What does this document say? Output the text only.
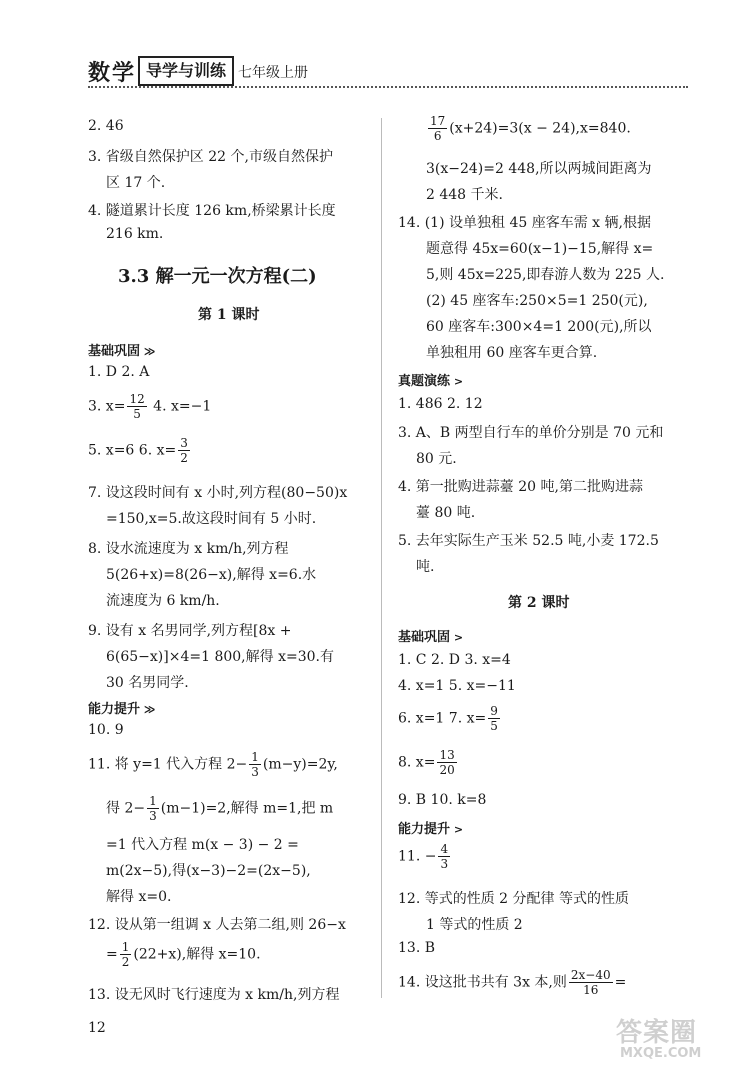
数学 导学与训练 七年级上册
2. 46
3. 省级自然保护区 22 个,市级自然保护
区 17 个.
4. 隧道累计长度 126 km,桥梁累计长度
216 km.
3.3 解一元一次方程(二)
第 1 课时
基础巩固 ≫
1. D 2. A
3. $x= \frac{12}{5} 4$. x=−1
5. x=6 6. $x= \frac{3}{2}$
7. 设这段时间有 x 小时,列方程(80−50)x
=150,x=5.故这段时间有 5 小时.
8. 设水流速度为 x km/h,列方程
5(26+x)=8(26−x),解得 x=6.水
流速度为 6 km/h.
9. 设有 x 名男同学,列方程[8x +
6(65−x)]×4=1 800,解得 x=30.有
30 名男同学.
能力提升 ≫
10. 9
11. 将 y=1 代入方程 $2- \frac{1}{3} (m-y)=2y$,
得 $2- \frac{1}{3} (m-1)=2$,解得 m=1,把 m
=1 代入方程 m(x − 3) − 2 =
m(2x−5),得(x−3)−2=(2x−5),
解得 x=0.
12. 设从第一组调 x 人去第二组,则 26−x
= $\frac{1}{2} (22+x)$,解得 x=10.
13. 设无风时飞行速度为 x km/h,列方程
$\frac{17}{6} (x+24)=3(x - 24),x=840$.
3(x−24)=2 448,所以两城间距离为
2 448 千米.
14. (1) 设单独租 45 座客车需 x 辆,根据
题意得 45x=60(x−1)−15,解得 x=
5,则 45x=225,即春游人数为 225 人.
(2) 45 座客车:250×5=1 250(元),
60 座客车:300×4=1 200(元),所以
单独租用 60 座客车更合算.
真题演练 >
1. 486 2. 12
3. A、B 两型自行车的单价分别是 70 元和
80 元.
4. 第一批购进蒜薹 20 吨,第二批购进蒜
薹 80 吨.
5. 去年实际生产玉米 52.5 吨,小麦 172.5
吨.
第 2 课时
基础巩固 >
1. C 2. D 3. x=4
4. x=1 5. x=−11
6. x=1 7. $x= \frac{9}{5}$
8. $x= \frac{13}{20}$
9. B 10. k=8
能力提升 >
11. − $\frac{4}{3}$
12. 等式的性质 2 分配律 等式的性质
1 等式的性质 2
13. B
14. 设这批书共有 3x 本,则 $\frac{2x-40}{16}$ =
12	答案圈
MXQE.COM
